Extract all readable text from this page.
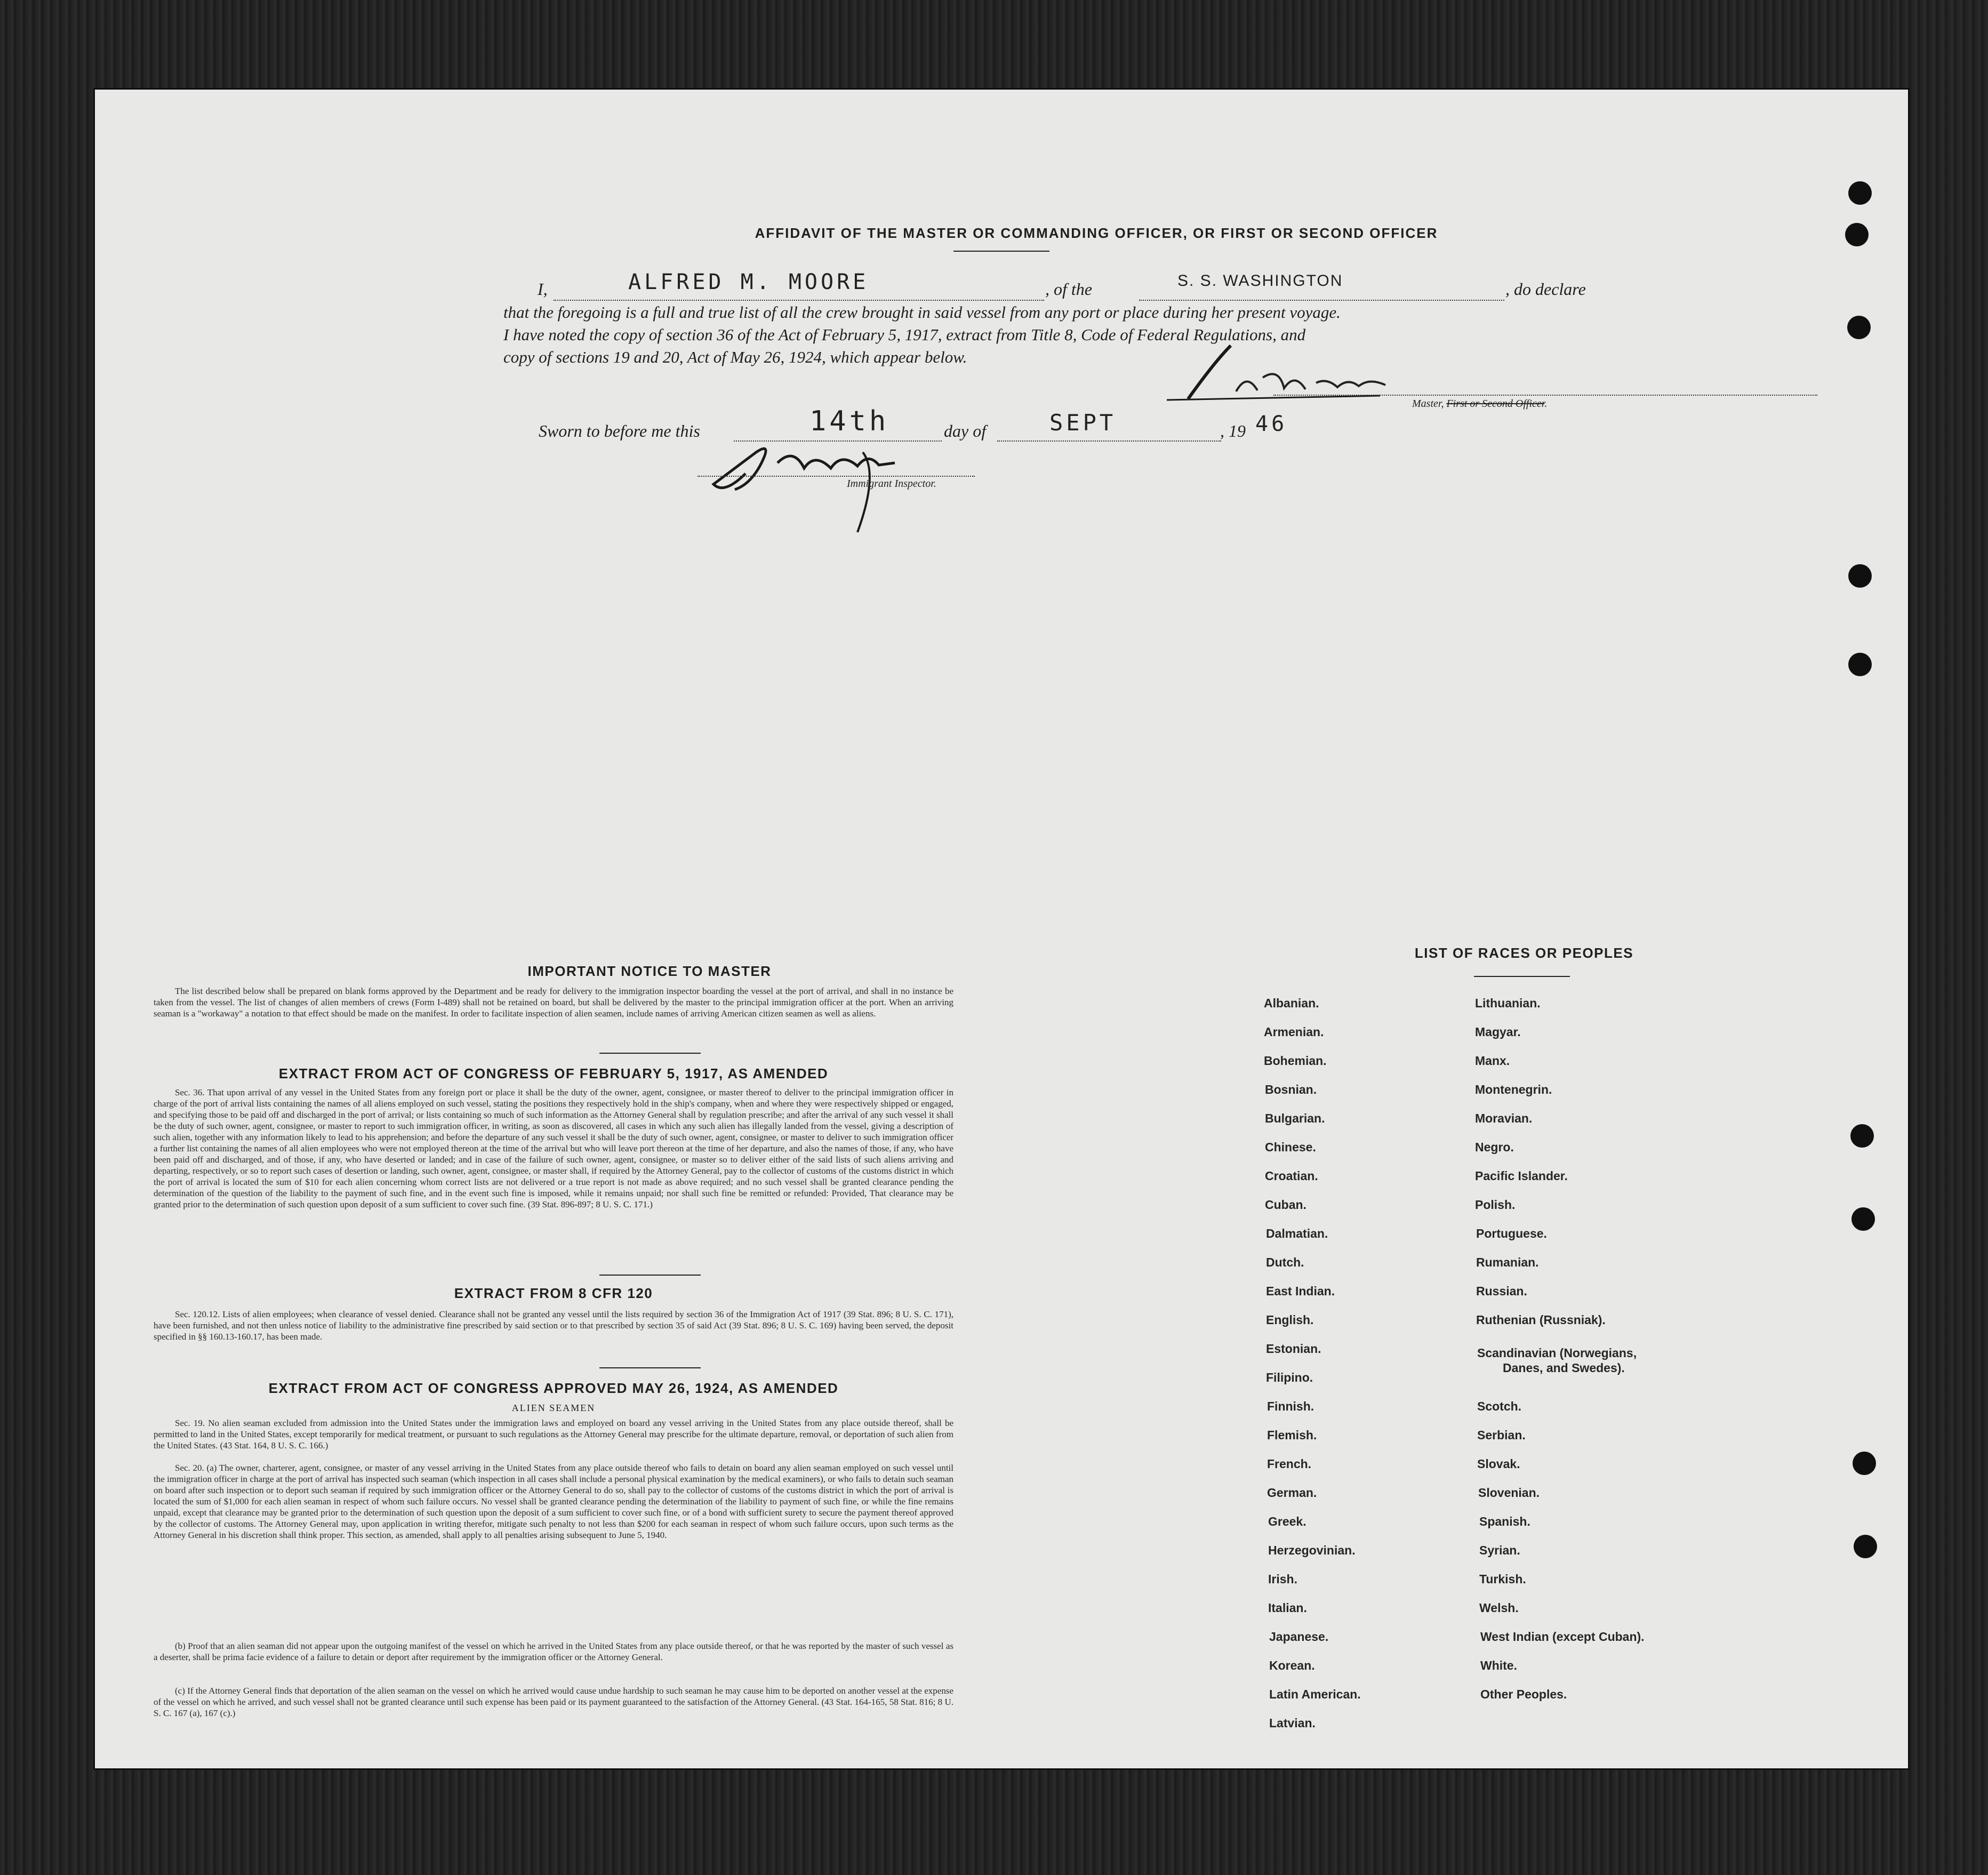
AFFIDAVIT OF THE MASTER OR COMMANDING OFFICER, OR FIRST OR SECOND OFFICER
I,	ALFRED M. MOORE	, of the	S. S. WASHINGTON	, do declare
that the foregoing is a full and true list of all the crew brought in said vessel from any port or place during her present voyage.
I have noted the copy of section 36 of the Act of February 5, 1917, extract from Title 8, Code of Federal Regulations, and
copy of sections 19 and 20, Act of May 26, 1924, which appear below.
Master, First or Second Officer.
Sworn to before me this	14th	day of	SEPT	, 19 46
Immigrant Inspector.
IMPORTANT NOTICE TO MASTER
The list described below shall be prepared on blank forms approved by the Department and be ready for delivery to the immigration inspector boarding the vessel at the port of arrival, and shall in no instance be taken from the vessel. The list of changes of alien members of crews (Form I-489) shall not be retained on board, but shall be delivered by the master to the principal immigration officer at the port. When an arriving seaman is a "workaway" a notation to that effect should be made on the manifest. In order to facilitate inspection of alien seamen, include names of arriving American citizen seamen as well as aliens.
EXTRACT FROM ACT OF CONGRESS OF FEBRUARY 5, 1917, AS AMENDED
Sec. 36. That upon arrival of any vessel in the United States from any foreign port or place it shall be the duty of the owner, agent, consignee, or master thereof to deliver to the principal immigration officer in charge of the port of arrival lists containing the names of all aliens employed on such vessel, stating the positions they respectively hold in the ship's company, when and where they were respectively shipped or engaged, and specifying those to be paid off and discharged in the port of arrival; or lists containing so much of such information as the Attorney General shall by regulation prescribe; and after the arrival of any such vessel it shall be the duty of such owner, agent, consignee, or master to report to such immigration officer, in writing, as soon as discovered, all cases in which any such alien has illegally landed from the vessel, giving a description of such alien, together with any information likely to lead to his apprehension; and before the departure of any such vessel it shall be the duty of such owner, agent, consignee, or master to deliver to such immigration officer a further list containing the names of all alien employees who were not employed thereon at the time of the arrival but who will leave port thereon at the time of her departure, and also the names of those, if any, who have been paid off and discharged, and of those, if any, who have deserted or landed; and in case of the failure of such owner, agent, consignee, or master so to deliver either of the said lists of such aliens arriving and departing, respectively, or so to report such cases of desertion or landing, such owner, agent, consignee, or master shall, if required by the Attorney General, pay to the collector of customs of the customs district in which the port of arrival is located the sum of $10 for each alien concerning whom correct lists are not delivered or a true report is not made as above required; and no such vessel shall be granted clearance pending the determination of the question of the liability to the payment of such fine, and in the event such fine is imposed, while it remains unpaid; nor shall such fine be remitted or refunded: Provided, That clearance may be granted prior to the determination of such question upon deposit of a sum sufficient to cover such fine. (39 Stat. 896-897; 8 U. S. C. 171.)
EXTRACT FROM 8 CFR 120
Sec. 120.12. Lists of alien employees; when clearance of vessel denied. Clearance shall not be granted any vessel until the lists required by section 36 of the Immigration Act of 1917 (39 Stat. 896; 8 U. S. C. 171), have been furnished, and not then unless notice of liability to the administrative fine prescribed by said section or to that prescribed by section 35 of said Act (39 Stat. 896; 8 U. S. C. 169) having been served, the deposit specified in §§ 160.13-160.17, has been made.
EXTRACT FROM ACT OF CONGRESS APPROVED MAY 26, 1924, AS AMENDED
ALIEN SEAMEN
Sec. 19. No alien seaman excluded from admission into the United States under the immigration laws and employed on board any vessel arriving in the United States from any place outside thereof, shall be permitted to land in the United States, except temporarily for medical treatment, or pursuant to such regulations as the Attorney General may prescribe for the ultimate departure, removal, or deportation of such alien from the United States. (43 Stat. 164, 8 U. S. C. 166.)
Sec. 20. (a) The owner, charterer, agent, consignee, or master of any vessel arriving in the United States from any place outside thereof who fails to detain on board any alien seaman employed on such vessel until the immigration officer in charge at the port of arrival has inspected such seaman (which inspection in all cases shall include a personal physical examination by the medical examiners), or who fails to detain such seaman on board after such inspection or to deport such seaman if required by such immigration officer or the Attorney General to do so, shall pay to the collector of customs of the customs district in which the port of arrival is located the sum of $1,000 for each alien seaman in respect of whom such failure occurs. No vessel shall be granted clearance pending the determination of the liability to payment of such fine, or while the fine remains unpaid, except that clearance may be granted prior to the determination of such question upon the deposit of a sum sufficient to cover such fine, or of a bond with sufficient surety to secure the payment thereof approved by the collector of customs. The Attorney General may, upon application in writing therefor, mitigate such penalty to not less than $200 for each seaman in respect of whom such failure occurs, upon such terms as the Attorney General in his discretion shall think proper. This section, as amended, shall apply to all penalties arising subsequent to June 5, 1940.
(b) Proof that an alien seaman did not appear upon the outgoing manifest of the vessel on which he arrived in the United States from any place outside thereof, or that he was reported by the master of such vessel as a deserter, shall be prima facie evidence of a failure to detain or deport after requirement by the immigration officer or the Attorney General.
(c) If the Attorney General finds that deportation of the alien seaman on the vessel on which he arrived would cause undue hardship to such seaman he may cause him to be deported on another vessel at the expense of the vessel on which he arrived, and such vessel shall not be granted clearance until such expense has been paid or its payment guaranteed to the satisfaction of the Attorney General. (43 Stat. 164-165, 58 Stat. 816; 8 U. S. C. 167 (a), 167 (c).)
LIST OF RACES OR PEOPLES
Albanian.
Armenian.
Bohemian.
Bosnian.
Bulgarian.
Chinese.
Croatian.
Cuban.
Dalmatian.
Dutch.
East Indian.
English.
Estonian.
Filipino.
Finnish.
Flemish.
French.
German.
Greek.
Herzegovinian.
Irish.
Italian.
Japanese.
Korean.
Latin American.
Latvian.
Lithuanian.
Magyar.
Manx.
Montenegrin.
Moravian.
Negro.
Pacific Islander.
Polish.
Portuguese.
Rumanian.
Russian.
Ruthenian (Russniak).
Scandinavian (Norwegians,
Danes, and Swedes).
Scotch.
Serbian.
Slovak.
Slovenian.
Spanish.
Syrian.
Turkish.
Welsh.
West Indian (except Cuban).
White.
Other Peoples.
